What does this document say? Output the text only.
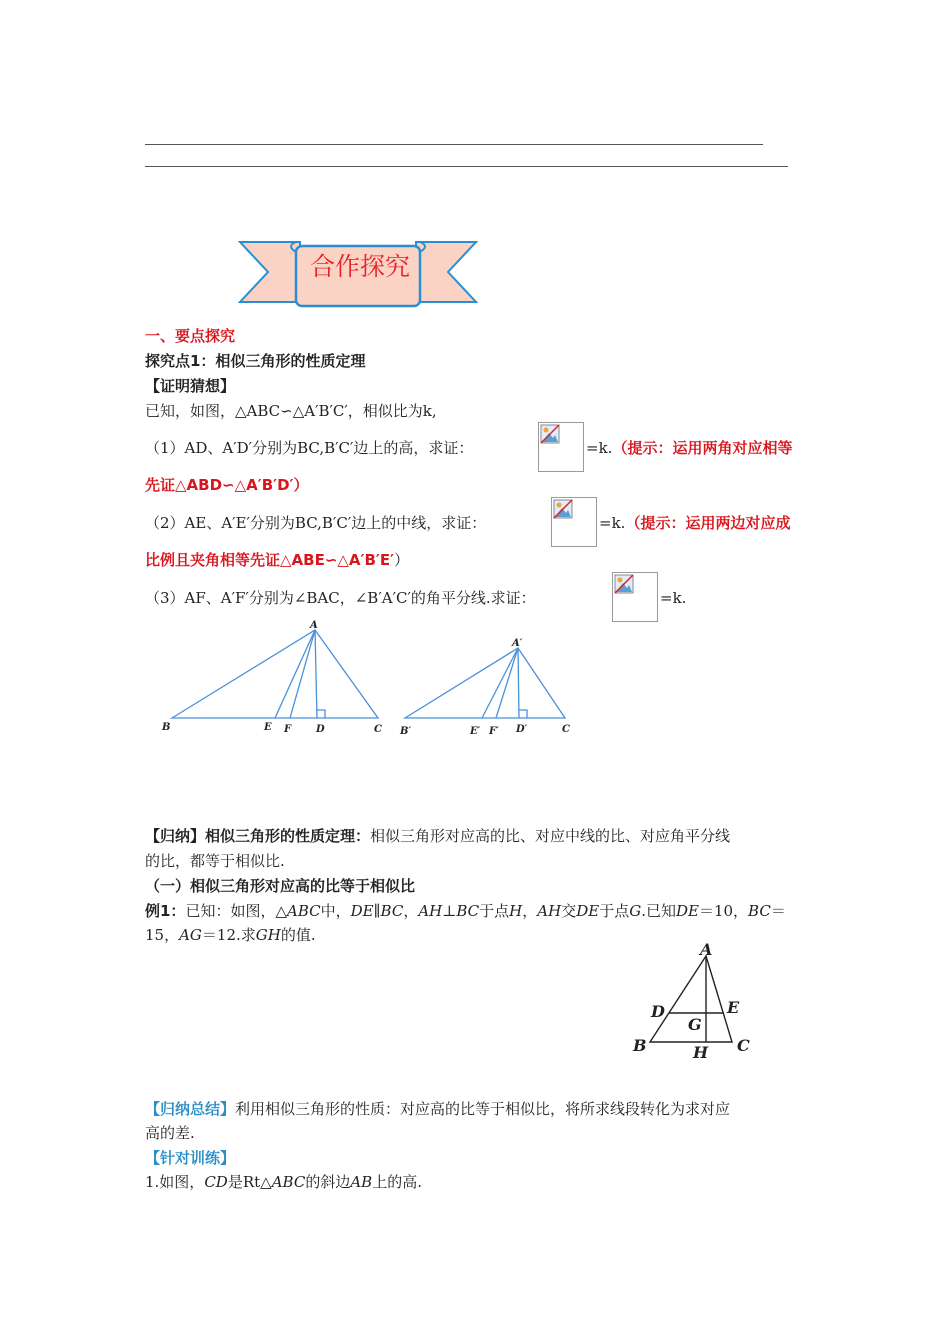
合作探究
一、要点探究
探究点1：相似三角形的性质定理
【证明猜想】
已知，如图，△ABC∽△A′B′C′，相似比为k,
（1）AD、A′D′分别为BC,B′C′边上的高，求证：	=k.（提示：运用两角对应相等
先证△ABD∽△A′B′D′）
（2）AE、A′E′分别为BC,B′C′边上的中线，求证：	=k.（提示：运用两边对应成
比例且夹角相等先证△ABE∽△A′B′E′）
（3）AF、A′F′分别为∠BAC，∠B′A′C′的角平分线.求证：	=k.
A
B	E F D	C
A′
B′	E′ F′ D′	C
【归纳】相似三角形的性质定理：相似三角形对应高的比、对应中线的比、对应角平分线
的比，都等于相似比.
（一）相似三角形对应高的比等于相似比
例1：已知：如图，△ABC中，DE∥BC，AH⊥BC于点H，AH交DE于点G.已知DE＝10，BC＝
15，AG＝12.求GH的值.
A
D	E
G
B	H C
【归纳总结】利用相似三角形的性质：对应高的比等于相似比，将所求线段转化为求对应
高的差.
【针对训练】
1.如图，CD是Rt△ABC的斜边AB上的高.
